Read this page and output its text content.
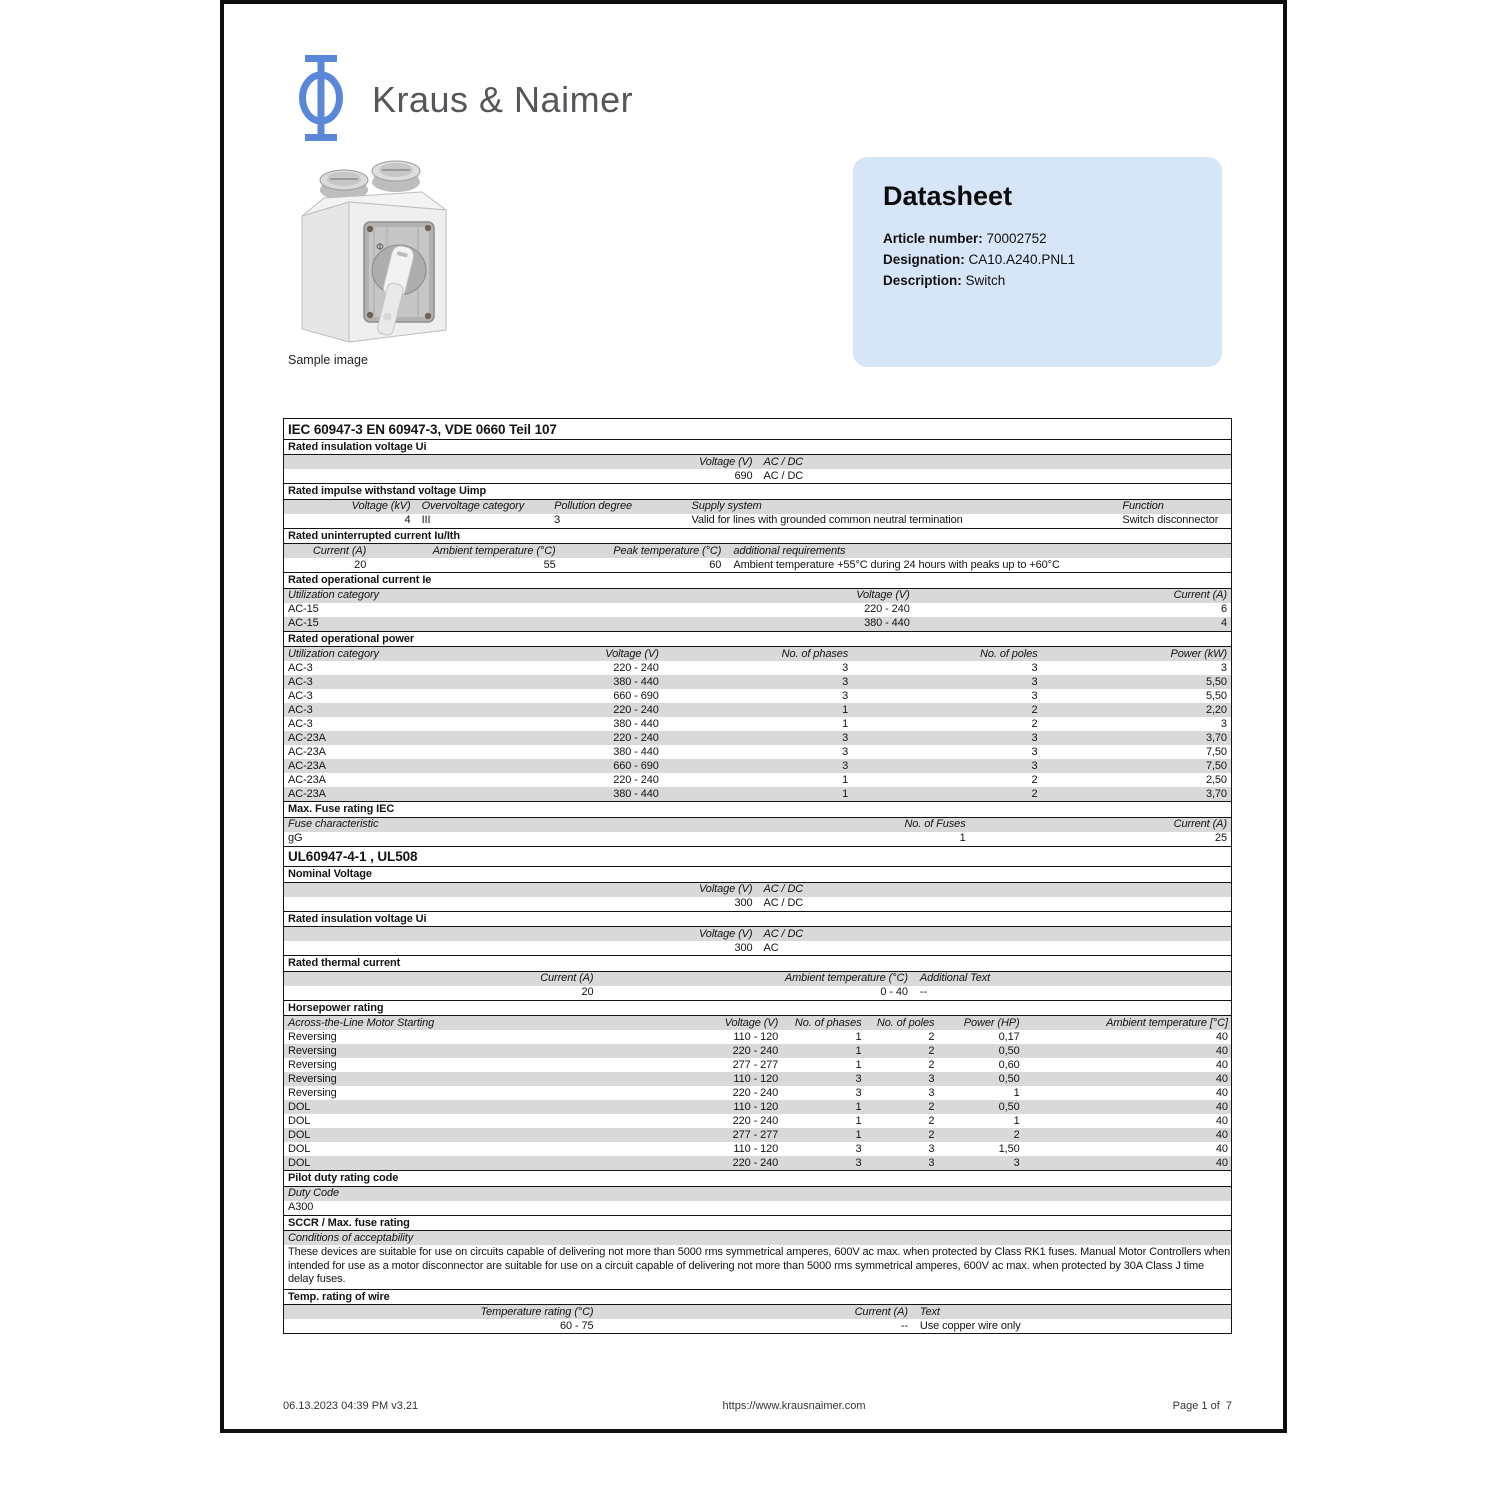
Kraus & Naimer
Φ
Sample image
Datasheet
Article number: 70002752
Designation: CA10.A240.PNL1
Description: Switch
IEC 60947-3 EN 60947-3, VDE 0660 Teil 107
Rated insulation voltage Ui
Voltage (V)	AC / DC
690	AC / DC
Rated impulse withstand voltage Uimp
Voltage (kV)	Overvoltage category	Pollution degree	Supply system	Function
4	III	3	Valid for lines with grounded common neutral termination	Switch disconnector
Rated uninterrupted current Iu/Ith
Current (A)	Ambient temperature (°C)	Peak temperature (°C)	additional requirements
20	55	60	Ambient temperature +55°C during 24 hours with peaks up to +60°C
Rated operational current Ie
Utilization category	Voltage (V)	Current (A)
AC-15	220 - 240	6
AC-15	380 - 440	4
Rated operational power
Utilization category	Voltage (V)	No. of phases	No. of poles	Power (kW)
AC-3	220 - 240	3	3	3
AC-3	380 - 440	3	3	5,50
AC-3	660 - 690	3	3	5,50
AC-3	220 - 240	1	2	2,20
AC-3	380 - 440	1	2	3
AC-23A	220 - 240	3	3	3,70
AC-23A	380 - 440	3	3	7,50
AC-23A	660 - 690	3	3	7,50
AC-23A	220 - 240	1	2	2,50
AC-23A	380 - 440	1	2	3,70
Max. Fuse rating IEC
Fuse characteristic	No. of Fuses	Current (A)
gG	1	25
UL60947-4-1 , UL508
Nominal Voltage
Voltage (V)	AC / DC
300	AC / DC
Rated insulation voltage Ui
Voltage (V)	AC / DC
300	AC
Rated thermal current
Current (A)	Ambient temperature (°C)	Additional Text
20	0 - 40	--
Horsepower rating
Across-the-Line Motor Starting	Voltage (V)	No. of phases	No. of poles	Power (HP)	Ambient temperature [°C]
Reversing	110 - 120	1	2	0,17	40
Reversing	220 - 240	1	2	0,50	40
Reversing	277 - 277	1	2	0,60	40
Reversing	110 - 120	3	3	0,50	40
Reversing	220 - 240	3	3	1	40
DOL	110 - 120	1	2	0,50	40
DOL	220 - 240	1	2	1	40
DOL	277 - 277	1	2	2	40
DOL	110 - 120	3	3	1,50	40
DOL	220 - 240	3	3	3	40
Pilot duty rating code
Duty Code
A300
SCCR / Max. fuse rating
Conditions of acceptability
These devices are suitable for use on circuits capable of delivering not more than 5000 rms symmetrical amperes, 600V ac max. when protected by Class RK1 fuses. Manual Motor Controllers when intended for use as a motor disconnector are suitable for use on a circuit capable of delivering not more than 5000 rms symmetrical amperes, 600V ac max. when protected by 30A Class J time delay fuses.
Temp. rating of wire
Temperature rating (°C)	Current (A)	Text
60 - 75	--	Use copper wire only
06.13.2023 04:39 PM v3.21	https://www.krausnaimer.com	Page 1 of  7
